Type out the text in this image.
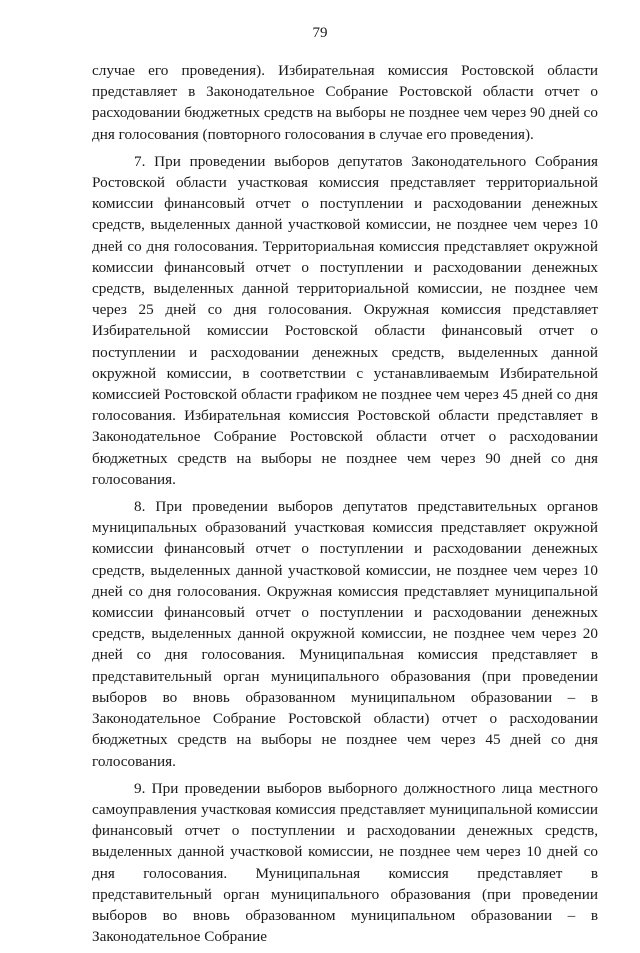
79

случае его проведения). Избирательная комиссия Ростовской области представляет в Законодательное Собрание Ростовской области отчет о расходовании бюджетных средств на выборы не позднее чем через 90 дней со дня голосования (повторного голосования в случае его проведения).

7. При проведении выборов депутатов Законодательного Собрания Ростовской области участковая комиссия представляет территориальной комиссии финансовый отчет о поступлении и расходовании денежных средств, выделенных данной участковой комиссии, не позднее чем через 10 дней со дня голосования. Территориальная комиссия представляет окружной комиссии финансовый отчет о поступлении и расходовании денежных средств, выделенных данной территориальной комиссии, не позднее чем через 25 дней со дня голосования. Окружная комиссия представляет Избирательной комиссии Ростовской области финансовый отчет о поступлении и расходовании денежных средств, выделенных данной окружной комиссии, в соответствии с устанавливаемым Избирательной комиссией Ростовской области графиком не позднее чем через 45 дней со дня голосования. Избирательная комиссия Ростовской области представляет в Законодательное Собрание Ростовской области отчет о расходовании бюджетных средств на выборы не позднее чем через 90 дней со дня голосования.

8. При проведении выборов депутатов представительных органов муниципальных образований участковая комиссия представляет окружной комиссии финансовый отчет о поступлении и расходовании денежных средств, выделенных данной участковой комиссии, не позднее чем через 10 дней со дня голосования. Окружная комиссия представляет муниципальной комиссии финансовый отчет о поступлении и расходовании денежных средств, выделенных данной окружной комиссии, не позднее чем через 20 дней со дня голосования. Муниципальная комиссия представляет в представительный орган муниципального образования (при проведении выборов во вновь образованном муниципальном образовании – в Законодательное Собрание Ростовской области) отчет о расходовании бюджетных средств на выборы не позднее чем через 45 дней со дня голосования.

9. При проведении выборов выборного должностного лица местного самоуправления участковая комиссия представляет муниципальной комиссии финансовый отчет о поступлении и расходовании денежных средств, выделенных данной участковой комиссии, не позднее чем через 10 дней со дня голосования. Муниципальная комиссия представляет в представительный орган муниципального образования (при проведении выборов во вновь образованном муниципальном образовании – в Законодательное Собрание
